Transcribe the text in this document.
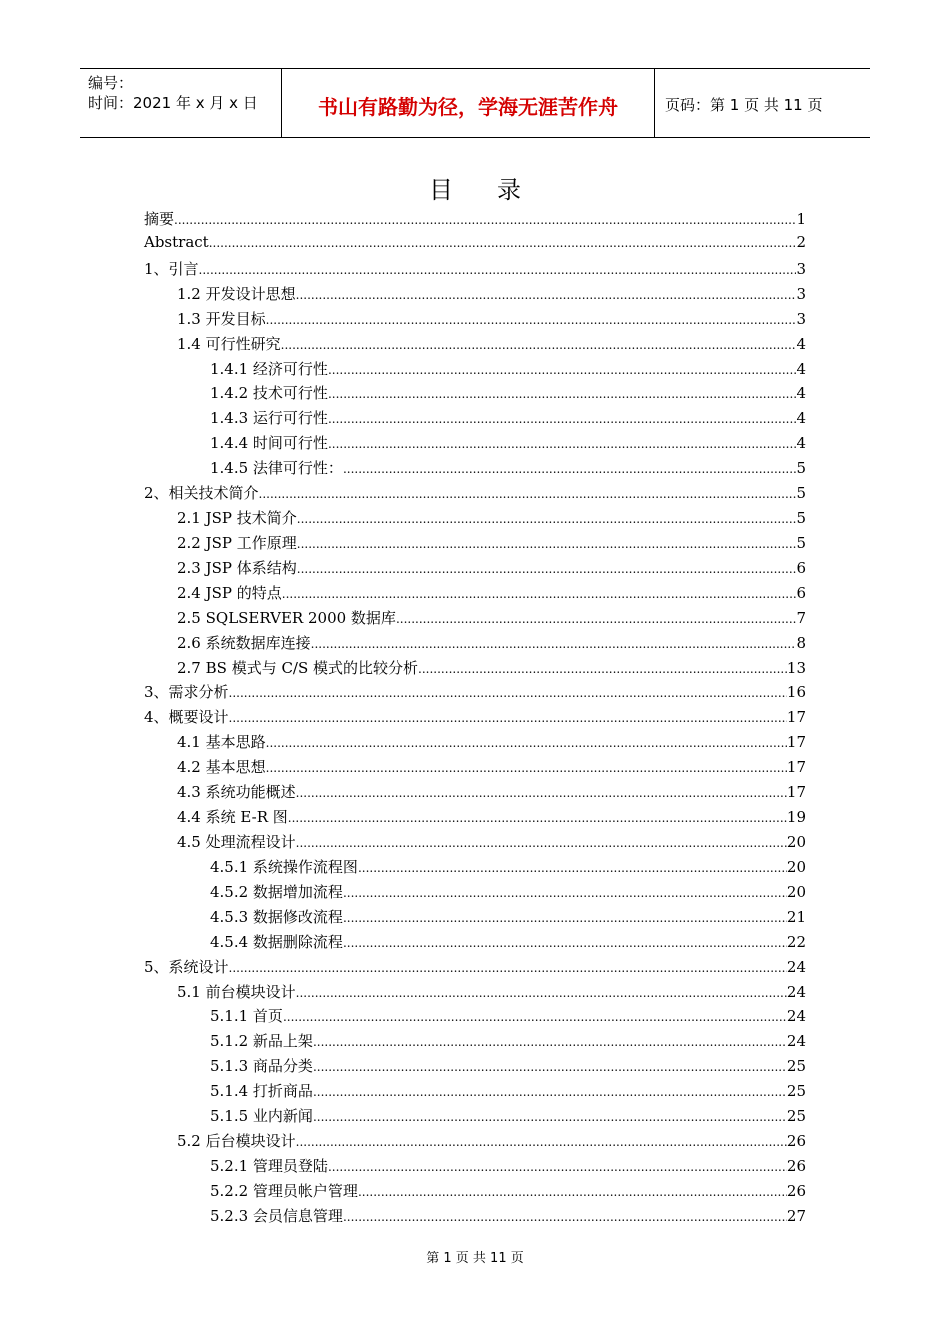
编号：
时间：2021 年 x 月 x 日	书山有路勤为径，学海无涯苦作舟	页码：第 1 页 共 11 页
目录
摘要 .....	1
Abstract .....	2
1、引言 .....	3
1.2 开发设计思想 .....	3
1.3 开发目标 .....	3
1.4 可行性研究 .....	4
1.4.1 经济可行性 .....	4
1.4.2 技术可行性 .....	4
1.4.3 运行可行性 .....	4
1.4.4 时间可行性 .....	4
1.4.5 法律可行性： .....	5
2、相关技术简介 .....	5
2.1 JSP 技术简介 .....	5
2.2 JSP 工作原理 .....	5
2.3 JSP 体系结构 .....	6
2.4 JSP 的特点 .....	6
2.5 SQLSERVER 2000 数据库 .....	7
2.6 系统数据库连接 .....	8
2.7 BS 模式与 C/S 模式的比较分析 .....	13
3、需求分析 .....	16
4、概要设计 .....	17
4.1 基本思路 .....	17
4.2 基本思想 .....	17
4.3 系统功能概述 .....	17
4.4 系统 E-R 图 .....	19
4.5 处理流程设计 .....	20
4.5.1 系统操作流程图 .....	20
4.5.2 数据增加流程 .....	20
4.5.3 数据修改流程 .....	21
4.5.4 数据删除流程 .....	22
5、系统设计 .....	24
5.1 前台模块设计 .....	24
5.1.1 首页 .....	24
5.1.2 新品上架 .....	24
5.1.3 商品分类 .....	25
5.1.4 打折商品 .....	25
5.1.5 业内新闻 .....	25
5.2 后台模块设计 .....	26
5.2.1 管理员登陆 .....	26
5.2.2 管理员帐户管理 .....	26
5.2.3 会员信息管理 .....	27
第 1 页 共 11 页
